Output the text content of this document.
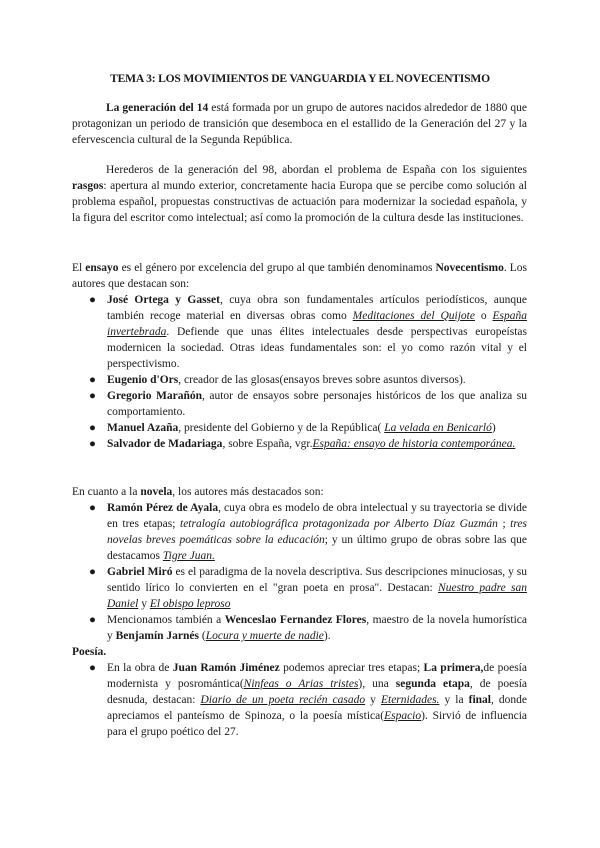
TEMA 3: LOS MOVIMIENTOS DE VANGUARDIA Y EL NOVECENTISMO

La generación del 14 está formada por un grupo de autores nacidos alrededor de 1880 que protagonizan un periodo de transición que desemboca en el estallido de la Generación del 27 y la efervescencia cultural de la Segunda República.

Herederos de la generación del 98, abordan el problema de España con los siguientes rasgos: apertura al mundo exterior, concretamente hacia Europa que se percibe como solución al problema español, propuestas constructivas de actuación para modernizar la sociedad española, y la figura del escritor como intelectual; así como la promoción de la cultura desde las instituciones.

El ensayo es el género por excelencia del grupo al que también denominamos Novecentismo. Los autores que destacan son:

● José Ortega y Gasset, cuya obra son fundamentales artículos periodísticos, aunque también recoge material en diversas obras como Meditaciones del Quijote o España invertebrada. Defiende que unas élites intelectuales desde perspectivas europeístas modernicen la sociedad. Otras ideas fundamentales son: el yo como razón vital y el perspectivismo.
● Eugenio d'Ors, creador de las glosas(ensayos breves sobre asuntos diversos).
● Gregorio Marañón, autor de ensayos sobre personajes históricos de los que analiza su comportamiento.
● Manuel Azaña, presidente del Gobierno y de la República( La velada en Benicarló)
● Salvador de Madariaga, sobre España, vgr.España: ensayo de historia contemporánea.

En cuanto a la novela, los autores más destacados son:

● Ramón Pérez de Ayala, cuya obra es modelo de obra intelectual y su trayectoria se divide en tres etapas; tetralogía autobiográfica protagonizada por Alberto Díaz Guzmán ; tres novelas breves poemáticas sobre la educación; y un último grupo de obras sobre las que destacamos Tigre Juan.
● Gabriel Miró es el paradigma de la novela descriptiva. Sus descripciones minuciosas, y su sentido lírico lo convierten en el "gran poeta en prosa". Destacan: Nuestro padre san Daniel y El obispo leproso
● Mencionamos también a Wenceslao Fernandez Flores, maestro de la novela humorística y Benjamín Jarnés (Locura y muerte de nadie).

Poesía.

● En la obra de Juan Ramón Jiménez podemos apreciar tres etapas; La primera,de poesía modernista y posromántica(Ninfeas o Arias tristes), una segunda etapa, de poesía desnuda, destacan: Diario de un poeta recién casado y Eternidades. y la final, donde apreciamos el panteísmo de Spinoza, o la poesía mística(Espacio). Sirvió de influencia para el grupo poético del 27.
